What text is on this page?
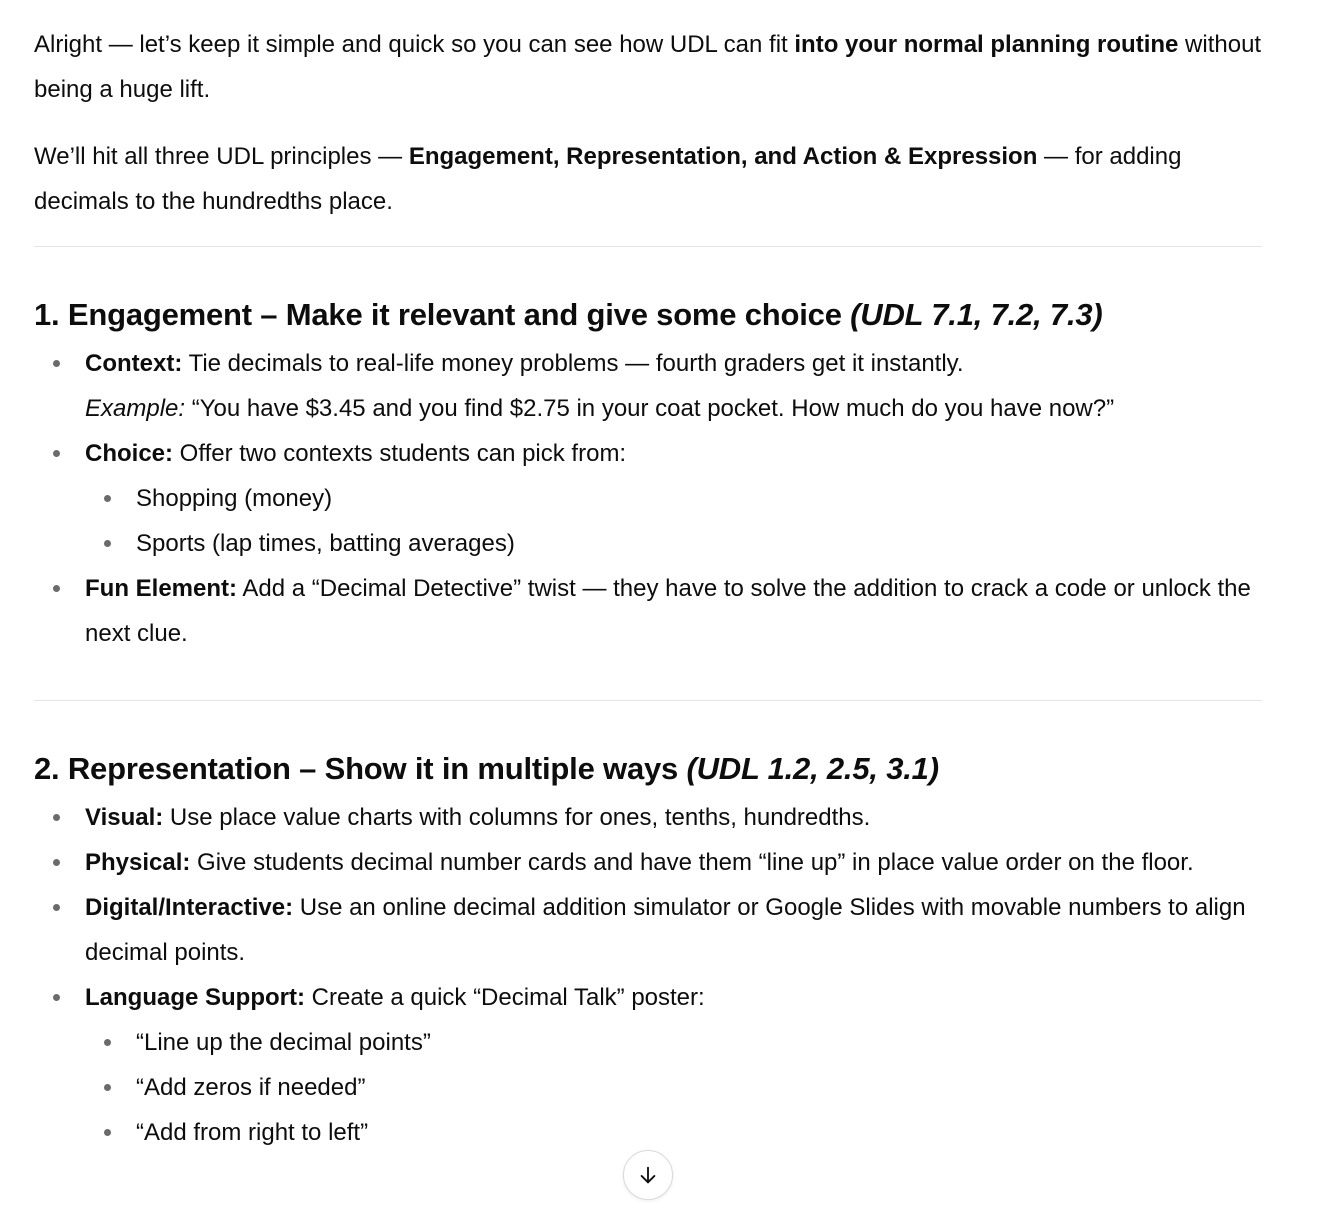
Alright — let’s keep it simple and quick so you can see how UDL can fit into your normal planning routine without being a huge lift.

We’ll hit all three UDL principles — Engagement, Representation, and Action & Expression — for adding decimals to the hundredths place.

1. Engagement – Make it relevant and give some choice (UDL 7.1, 7.2, 7.3)
Context: Tie decimals to real-life money problems — fourth graders get it instantly.
Example: “You have $3.45 and you find $2.75 in your coat pocket. How much do you have now?”
Choice: Offer two contexts students can pick from:
Shopping (money)
Sports (lap times, batting averages)
Fun Element: Add a “Decimal Detective” twist — they have to solve the addition to crack a code or unlock the next clue.
2. Representation – Show it in multiple ways (UDL 1.2, 2.5, 3.1)
Visual: Use place value charts with columns for ones, tenths, hundredths.
Physical: Give students decimal number cards and have them “line up” in place value order on the floor.
Digital/Interactive: Use an online decimal addition simulator or Google Slides with movable numbers to align decimal points.
Language Support: Create a quick “Decimal Talk” poster:
“Line up the decimal points”
“Add zeros if needed”
“Add from right to left”
